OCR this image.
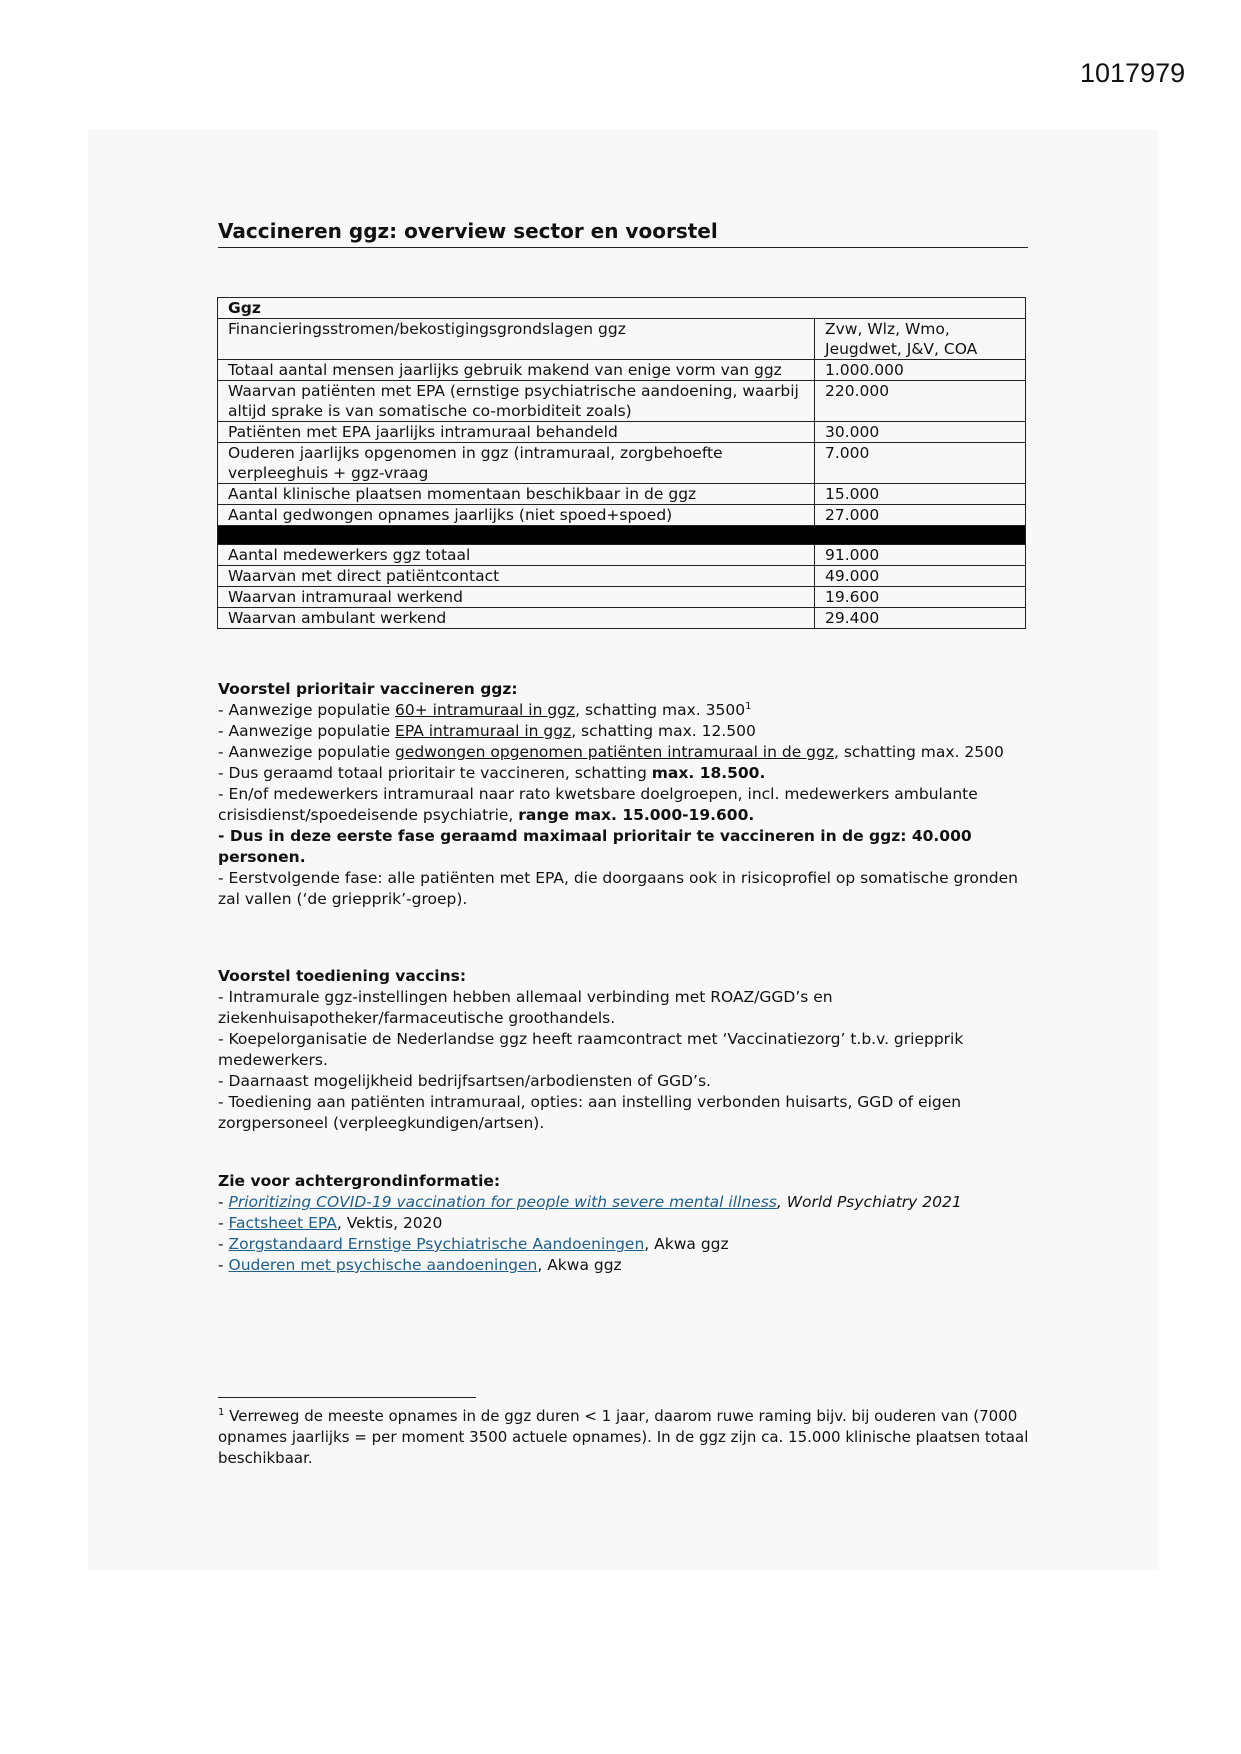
1017979
Vaccineren ggz: overview sector en voorstel
Ggz	
Financieringsstromen/bekostigingsgrondslagen ggz	Zvw, Wlz, Wmo, Jeugdwet, J&V, COA
Totaal aantal mensen jaarlijks gebruik makend van enige vorm van ggz	1.000.000
Waarvan patiënten met EPA (ernstige psychiatrische aandoening, waarbij altijd sprake is van somatische co-morbiditeit zoals)	220.000
Patiënten met EPA jaarlijks intramuraal behandeld	30.000
Ouderen jaarlijks opgenomen in ggz (intramuraal, zorgbehoefte verpleeghuis + ggz-vraag	7.000
Aantal klinische plaatsen momentaan beschikbaar in de ggz	15.000
Aantal gedwongen opnames jaarlijks (niet spoed+spoed)	27.000

Aantal medewerkers ggz totaal	91.000
Waarvan met direct patiëntcontact	49.000
Waarvan intramuraal werkend	19.600
Waarvan ambulant werkend	29.400

Voorstel prioritair vaccineren ggz:

- Aanwezige populatie 60+ intramuraal in ggz, schatting max. 3500$^1$

- Aanwezige populatie EPA intramuraal in ggz, schatting max. 12.500

- Aanwezige populatie gedwongen opgenomen patiënten intramuraal in de ggz, schatting max. 2500

- Dus geraamd totaal prioritair te vaccineren, schatting max. 18.500.

- En/of medewerkers intramuraal naar rato kwetsbare doelgroepen, incl. medewerkers ambulante crisisdienst/spoedeisende psychiatrie, range max. 15.000-19.600.

- Dus in deze eerste fase geraamd maximaal prioritair te vaccineren in de ggz: 40.000 personen.

- Eerstvolgende fase: alle patiënten met EPA, die doorgaans ook in risicoprofiel op somatische gronden zal vallen (‘de griepprik’-groep).

Voorstel toediening vaccins:

- Intramurale ggz-instellingen hebben allemaal verbinding met ROAZ/GGD’s en ziekenhuisapotheker/farmaceutische groothandels.

- Koepelorganisatie de Nederlandse ggz heeft raamcontract met ‘Vaccinatiezorg’ t.b.v. griepprik medewerkers.

- Daarnaast mogelijkheid bedrijfsartsen/arbodiensten of GGD’s.

- Toediening aan patiënten intramuraal, opties: aan instelling verbonden huisarts, GGD of eigen zorgpersoneel (verpleegkundigen/artsen).

Zie voor achtergrondinformatie:

- Prioritizing COVID-19 vaccination for people with severe mental illness, World Psychiatry 2021

- Factsheet EPA, Vektis, 2020

- Zorgstandaard Ernstige Psychiatrische Aandoeningen, Akwa ggz

- Ouderen met psychische aandoeningen, Akwa ggz

$^1$ Verreweg de meeste opnames in de ggz duren < 1 jaar, daarom ruwe raming bijv. bij ouderen van (7000 opnames jaarlijks = per moment 3500 actuele opnames). In de ggz zijn ca. 15.000 klinische plaatsen totaal beschikbaar.
